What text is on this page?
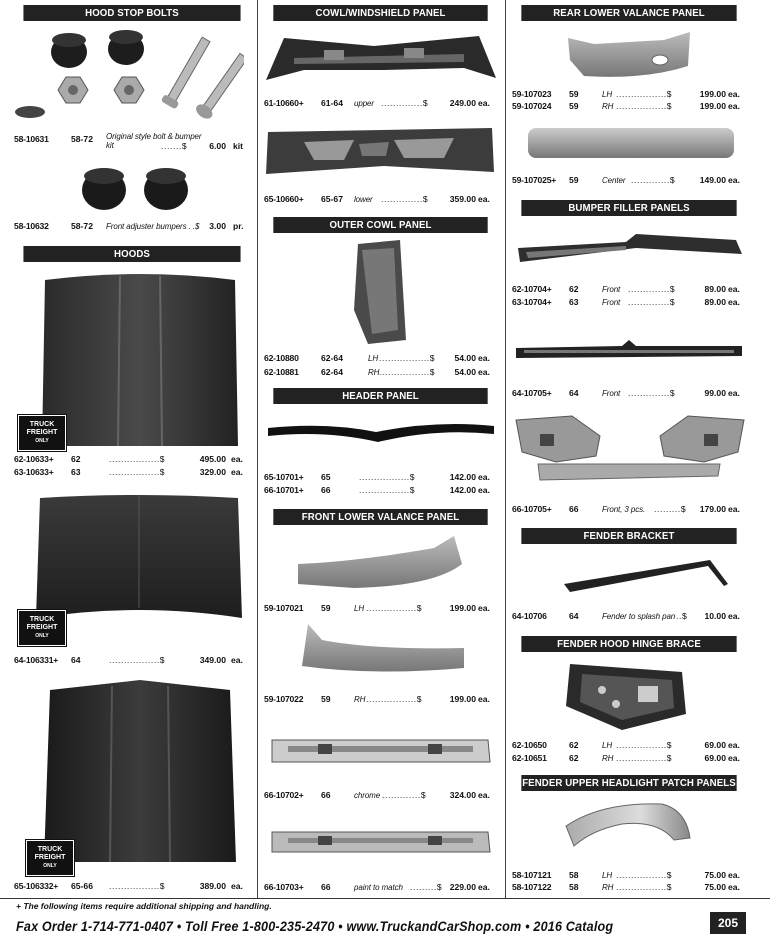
HOOD STOP BOLTS
58-10631	58-72 Original style bolt & bumper kit	.......$	6.00 kit
58-10632	58-72 Front adjuster bumpers . .$	3.00 pr.
HOODS
TRUCK
FREIGHT
ONLY
62-10633+ 62	.................$	495.00 ea.
63-10633+ 63	.................$	329.00 ea.
TRUCK
FREIGHT
ONLY
64-106331+ 64	.................$	349.00 ea.
TRUCK
FREIGHT
ONLY
65-106332+ 65-66 .................$	389.00 ea.
COWL/WINDSHIELD PANEL
61-10660+ 61-64 upper ..............$	249.00 ea.
65-10660+ 65-67 lower ..............$	359.00 ea.
OUTER COWL PANEL
62-10880	62-64	LH .................$	54.00 ea.
62-10881	62-64	RH .................$	54.00 ea.
HEADER PANEL
65-10701+ 65	.................$	142.00 ea.
66-10701+ 66	.................$	142.00 ea.
FRONT LOWER VALANCE PANEL
59-107021 59	LH .................$	199.00 ea.
59-107022 59	RH .................$	199.00 ea.
66-10702+ 66	chrome .............$	324.00 ea.
66-10703+ 66	paint to match .........$ 229.00 ea.
REAR LOWER VALANCE PANEL
59-107023 59	LH .................$	199.00 ea.
59-107024 59	RH .................$	199.00 ea.
59-107025+ 59	Center .............$	149.00 ea.
BUMPER FILLER PANELS
62-10704+ 62	Front ..............$	89.00 ea.
63-10704+ 63	Front ..............$	89.00 ea.
64-10705+ 64	Front ..............$	99.00 ea.
66-10705+ 66	Front, 3 pcs. .........$	179.00 ea.
FENDER BRACKET
64-10706	64	Fender to splash pan ..$	10.00 ea.
FENDER HOOD HINGE BRACE
62-10650	62	LH .................$	69.00 ea.
62-10651	62	RH .................$	69.00 ea.
FENDER UPPER HEADLIGHT PATCH PANELS
58-107121 58	LH .................$	75.00 ea.
58-107122 58	RH .................$	75.00 ea.
+ The following items require additional shipping and handling.
Fax Order 1-714-771-0407 • Toll Free 1-800-235-2470 • www.TruckandCarShop.com • 2016 Catalog	205
